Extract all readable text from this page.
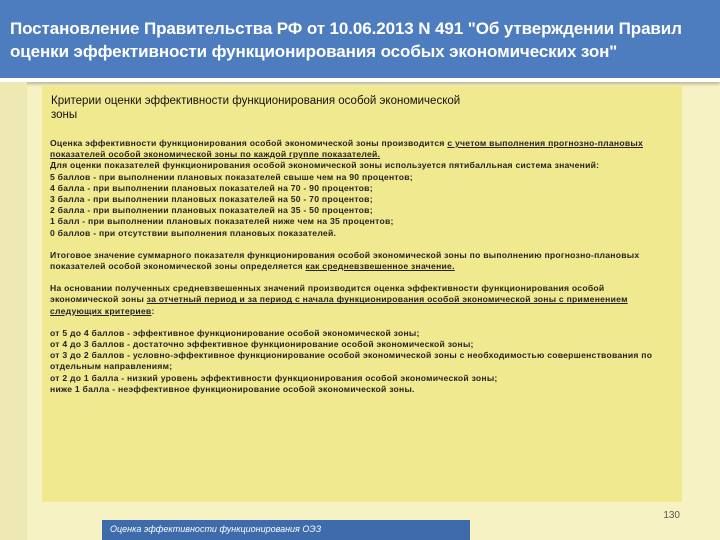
Постановление Правительства РФ от 10.06.2013 N 491 "Об утверждении Правил оценки эффективности функционирования особых экономических зон"
Критерии оценки эффективности функционирования особой экономической зоны

Оценка эффективности функционирования особой экономической зоны производится с учетом выполнения прогнозно-плановых показателей особой экономической зоны по каждой группе показателей.

Для оценки показателей функционирования особой экономической зоны используется пятибалльная система значений:

5 баллов - при выполнении плановых показателей свыше чем на 90 процентов;

4 балла - при выполнении плановых показателей на 70 - 90 процентов;

3 балла - при выполнении плановых показателей на 50 - 70 процентов;

2 балла - при выполнении плановых показателей на 35 - 50 процентов;

1 балл - при выполнении плановых показателей ниже чем на 35 процентов;

0 баллов - при отсутствии выполнения плановых показателей.

Итоговое значение суммарного показателя функционирования особой экономической зоны по выполнению прогнозно-плановых показателей особой экономической зоны определяется как средневзвешенное значение.

На основании полученных средневзвешенных значений производится оценка эффективности функционирования особой экономической зоны за отчетный период и за период с начала функционирования особой экономической зоны с применением следующих критериев:

от 5 до 4 баллов - эффективное функционирование особой экономической зоны;

от 4 до 3 баллов - достаточно эффективное функционирование особой экономической зоны;

от 3 до 2 баллов - условно-эффективное функционирование особой экономической зоны с необходимостью совершенствования по отдельным направлениям;

от 2 до 1 балла - низкий уровень эффективности функционирования особой экономической зоны;

ниже 1 балла - неэффективное функционирование особой экономической зоны.

130
Оценка эффективности функционирования ОЭЗ
